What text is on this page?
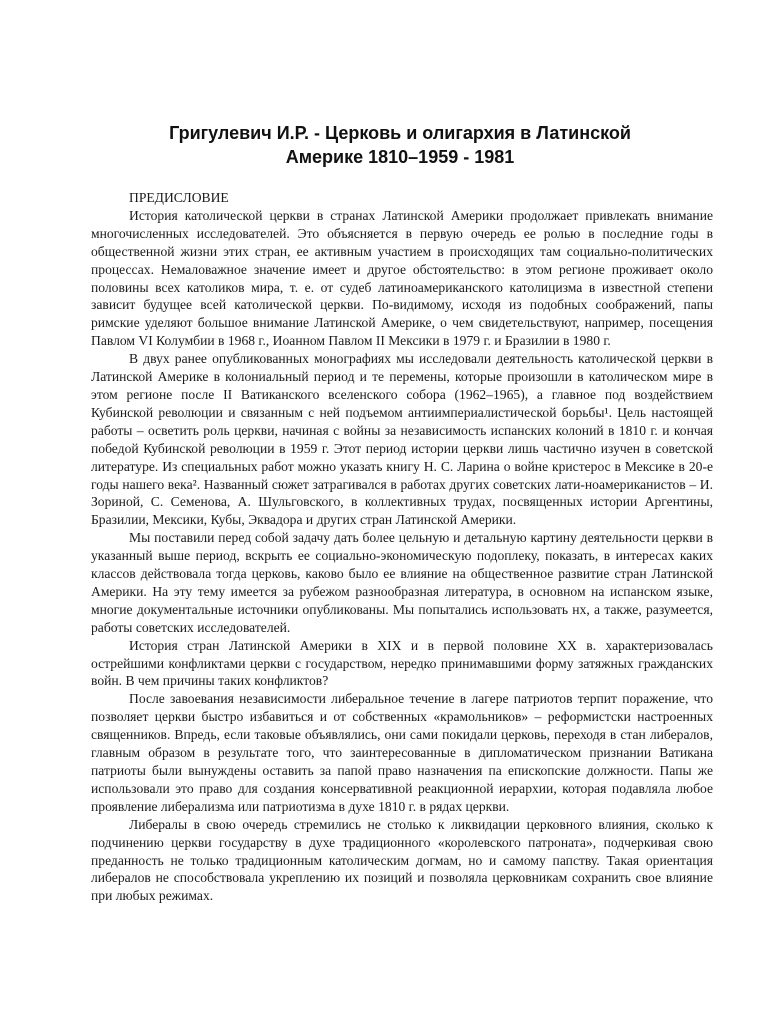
Григулевич И.Р. - Церковь и олигархия в Латинской
Америке 1810–1959 - 1981

ПРЕДИСЛОВИЕ

История католической церкви в странах Латинской Америки продолжает привлекать внимание многочисленных исследователей. Это объясняется в первую очередь ее ролью в последние годы в общественной жизни этих стран, ее активным участием в происходящих там социально-политических процессах. Немаловажное значение имеет и другое обстоятельство: в этом регионе проживает около половины всех католиков мира, т. е. от судеб латиноамериканского католицизма в известной степени зависит будущее всей католической церкви. По-видимому, исходя из подобных соображений, папы римские уделяют большое внимание Латинской Америке, о чем свидетельствуют, например, посещения Павлом VI Колумбии в 1968 г., Иоанном Павлом II Мексики в 1979 г. и Бразилии в 1980 г.

В двух ранее опубликованных монографиях мы исследовали деятельность католической церкви в Латинской Америке в колониальный период и те перемены, которые произошли в католическом мире в этом регионе после II Ватиканского вселенского собора (1962–1965), а главное под воздействием Кубинской революции и связанным с ней подъемом антиимпериалистической борьбы¹. Цель настоящей работы – осветить роль церкви, начиная с войны за независимость испанских колоний в 1810 г. и кончая победой Кубинской революции в 1959 г. Этот период истории церкви лишь частично изучен в советской литературе. Из специальных работ можно указать книгу Н. С. Ларина о войне кристерос в Мексике в 20-е годы нашего века². Названный сюжет затрагивался в работах других советских лати-ноамериканистов – И. Зориной, С. Семенова, А. Шульговского, в коллективных трудах, посвященных истории Аргентины, Бразилии, Мексики, Кубы, Эквадора и других стран Латинской Америки.

Мы поставили перед собой задачу дать более цельную и детальную картину деятельности церкви в указанный выше период, вскрыть ее социально-экономическую подоплеку, показать, в интересах каких классов действовала тогда церковь, каково было ее влияние на общественное развитие стран Латинской Америки. На эту тему имеется за рубежом разнообразная литература, в основном на испанском языке, многие документальные источники опубликованы. Мы попытались использовать нх, а также, разумеется, работы советских исследователей.

История стран Латинской Америки в XIX и в первой половине XX в. характеризовалась острейшими конфликтами церкви с государством, нередко принимавшими форму затяжных гражданских войн. В чем причины таких конфликтов?

После завоевания независимости либеральное течение в лагере патриотов терпит поражение, что позволяет церкви быстро избавиться и от собственных «крамольников» – реформистски настроенных священников. Впредь, если таковые объявлялись, они сами покидали церковь, переходя в стан либералов, главным образом в результате того, что заинтересованные в дипломатическом признании Ватикана патриоты были вынуждены оставить за папой право назначения па епископские должности. Папы же использовали это право для создания консервативной реакционной иерархии, которая подавляла любое проявление либерализма или патриотизма в духе 1810 г. в рядах церкви.

Либералы в свою очередь стремились не столько к ликвидации церковного влияния, сколько к подчинению церкви государству в духе традиционного «королевского патроната», подчеркивая свою преданность не только традиционным католическим догмам, но и самому папству. Такая ориентация либералов не способствовала укреплению их позиций и позволяла церковникам сохранить свое влияние при любых режимах.
